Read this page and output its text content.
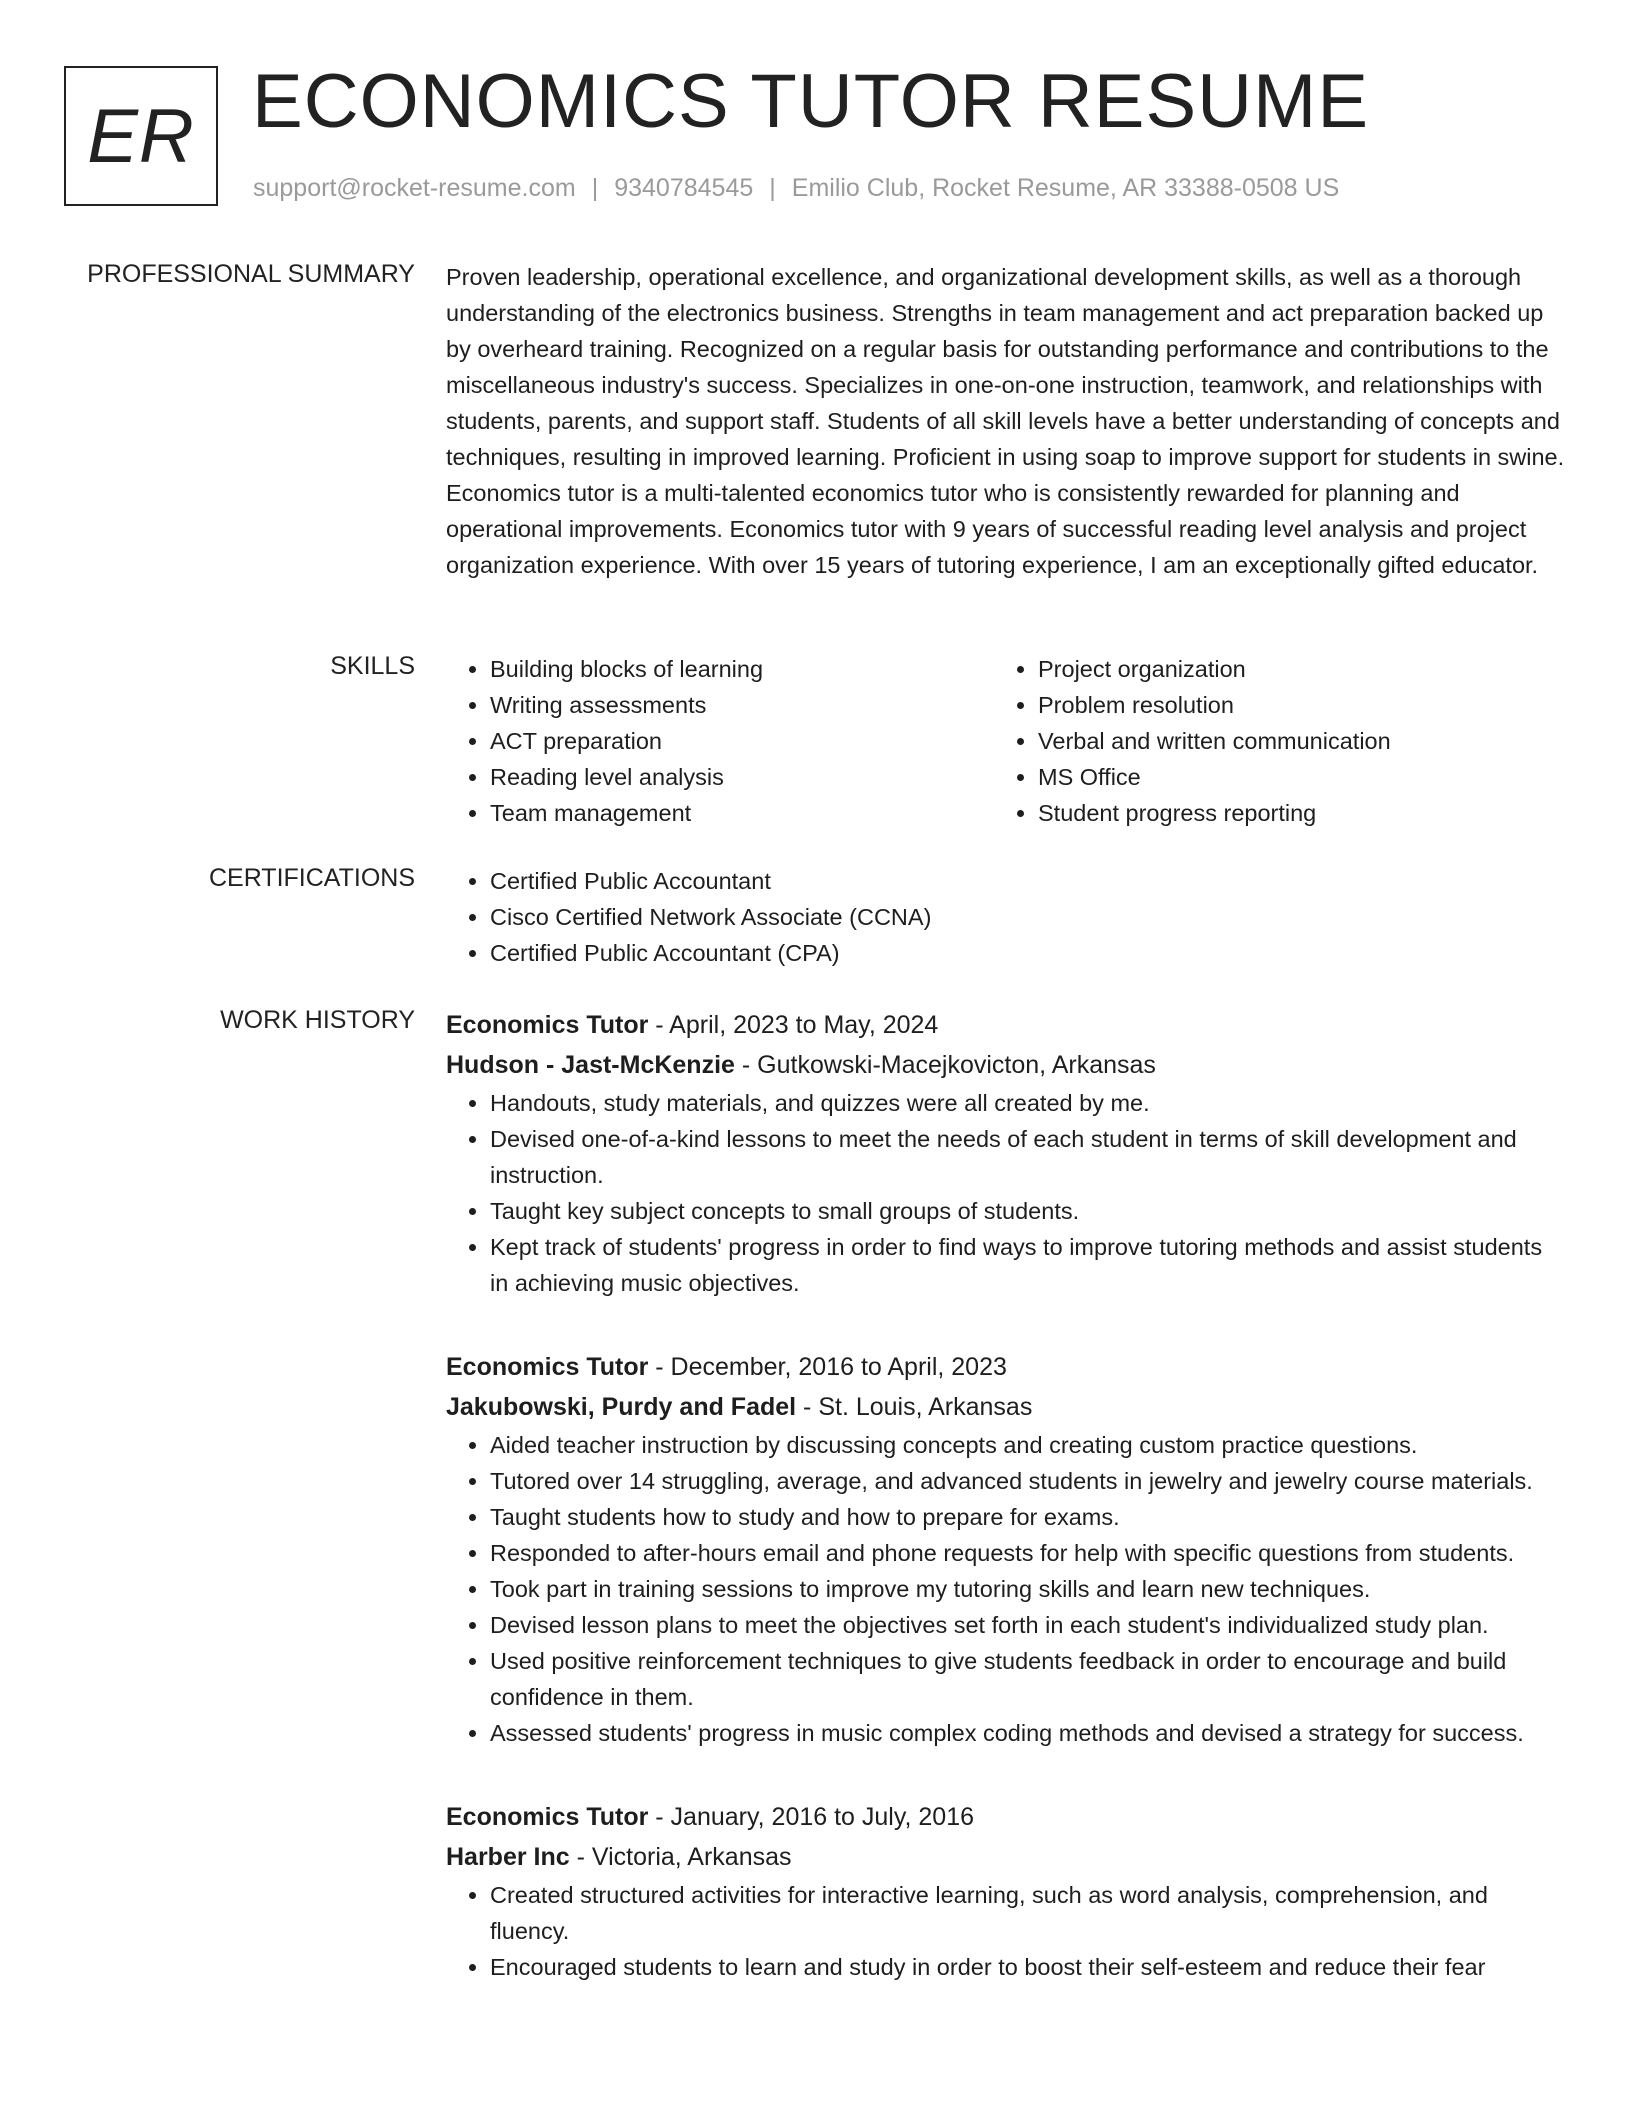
ER ECONOMICS TUTOR RESUME
support@rocket-resume.com | 9340784545 | Emilio Club, Rocket Resume, AR 33388-0508 US
PROFESSIONAL SUMMARY Proven leadership, operational excellence, and organizational development skills, as well as a thorough understanding of the electronics business. Strengths in team management and act preparation backed up by overheard training. Recognized on a regular basis for outstanding performance and contributions to the miscellaneous industry's success. Specializes in one-on-one instruction, teamwork, and relationships with students, parents, and support staff. Students of all skill levels have a better understanding of concepts and techniques, resulting in improved learning. Proficient in using soap to improve support for students in swine. Economics tutor is a multi-talented economics tutor who is consistently rewarded for planning and operational improvements. Economics tutor with 9 years of successful reading level analysis and project organization experience. With over 15 years of tutoring experience, I am an exceptionally gifted educator.

SKILLS	• Building blocks of learning
• Writing assessments
• ACT preparation
• Reading level analysis
• Team management
• Project organization
• Problem resolution
• Verbal and written communication
• MS Office
• Student progress reporting
CERTIFICATIONS	• Certified Public Accountant
• Cisco Certified Network Associate (CCNA)
• Certified Public Accountant (CPA)
WORK HISTORY Economics Tutor - April, 2023 to May, 2024
Hudson - Jast-McKenzie - Gutkowski-Macejkovicton, Arkansas
• Handouts, study materials, and quizzes were all created by me.
• Devised one-of-a-kind lessons to meet the needs of each student in terms of skill development and instruction.
• Taught key subject concepts to small groups of students.
• Kept track of students' progress in order to find ways to improve tutoring methods and assist students in achieving music objectives.
Economics Tutor - December, 2016 to April, 2023
Jakubowski, Purdy and Fadel - St. Louis, Arkansas
• Aided teacher instruction by discussing concepts and creating custom practice questions.
• Tutored over 14 struggling, average, and advanced students in jewelry and jewelry course materials.
• Taught students how to study and how to prepare for exams.
• Responded to after-hours email and phone requests for help with specific questions from students.
• Took part in training sessions to improve my tutoring skills and learn new techniques.
• Devised lesson plans to meet the objectives set forth in each student's individualized study plan.
• Used positive reinforcement techniques to give students feedback in order to encourage and build confidence in them.
• Assessed students' progress in music complex coding methods and devised a strategy for success.
Economics Tutor - January, 2016 to July, 2016
Harber Inc - Victoria, Arkansas
• Created structured activities for interactive learning, such as word analysis, comprehension, and fluency.
• Encouraged students to learn and study in order to boost their self-esteem and reduce their fear
